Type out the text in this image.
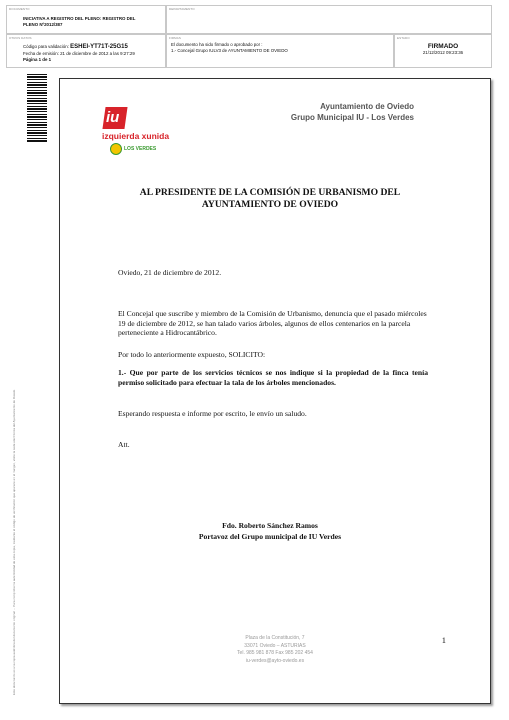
DOCUMENTO
INICIATIVA A REGISTRO DEL PLENO: REGISTRO DEL
PLENO Nº2012/387
DEPARTAMENTO
OTROS DATOS
Código para validación: ESHEI-YT71T-25G15
Fecha de emisión: 21 de diciembre de 2012 a las 9:27:29
Página 1 de 1
FIRMAS
El documento ha sido firmado o aprobado por :
1.- Concejal Grupo IULV3 de AYUNTAMIENTO DE OVIEDO
ESTADO
FIRMADO
21/12/2012 09:23:36
Este documento es una copia auténtica del documento original ... Para comprobar la autenticidad de esta copia, mediante el código de verificación que aparece en el margen, visite la sede electrónica del Ayuntamiento de Oviedo
iu
izquierda xunida
LOS VERDES
Ayuntamiento de Oviedo
Grupo Municipal IU - Los Verdes
AL PRESIDENTE DE LA COMISIÓN DE URBANISMO DEL
AYUNTAMIENTO DE OVIEDO
Oviedo, 21 de diciembre de 2012.
El Concejal que suscribe y miembro de la Comisión de Urbanismo, denuncia que el pasado miércoles 19 de diciembre de 2012, se han talado varios árboles, algunos de ellos centenarios en la parcela perteneciente a Hidrocantábrico.
Por todo lo anteriormente expuesto, SOLICITO:
1.- Que por parte de los servicios técnicos se nos indique si la propiedad de la finca tenía permiso solicitado para efectuar la tala de los árboles mencionados.
Esperando respuesta e informe por escrito, le envío un saludo.
Att.
Fdo. Roberto Sánchez Ramos
Portavoz del Grupo municipal de IU Verdes
Plaza de la Constitución, 7
33071 Oviedo – ASTURIAS
Tel. 985 981 878 Fax 985 202 454
iu-verdes@ayto-oviedo.es
1
